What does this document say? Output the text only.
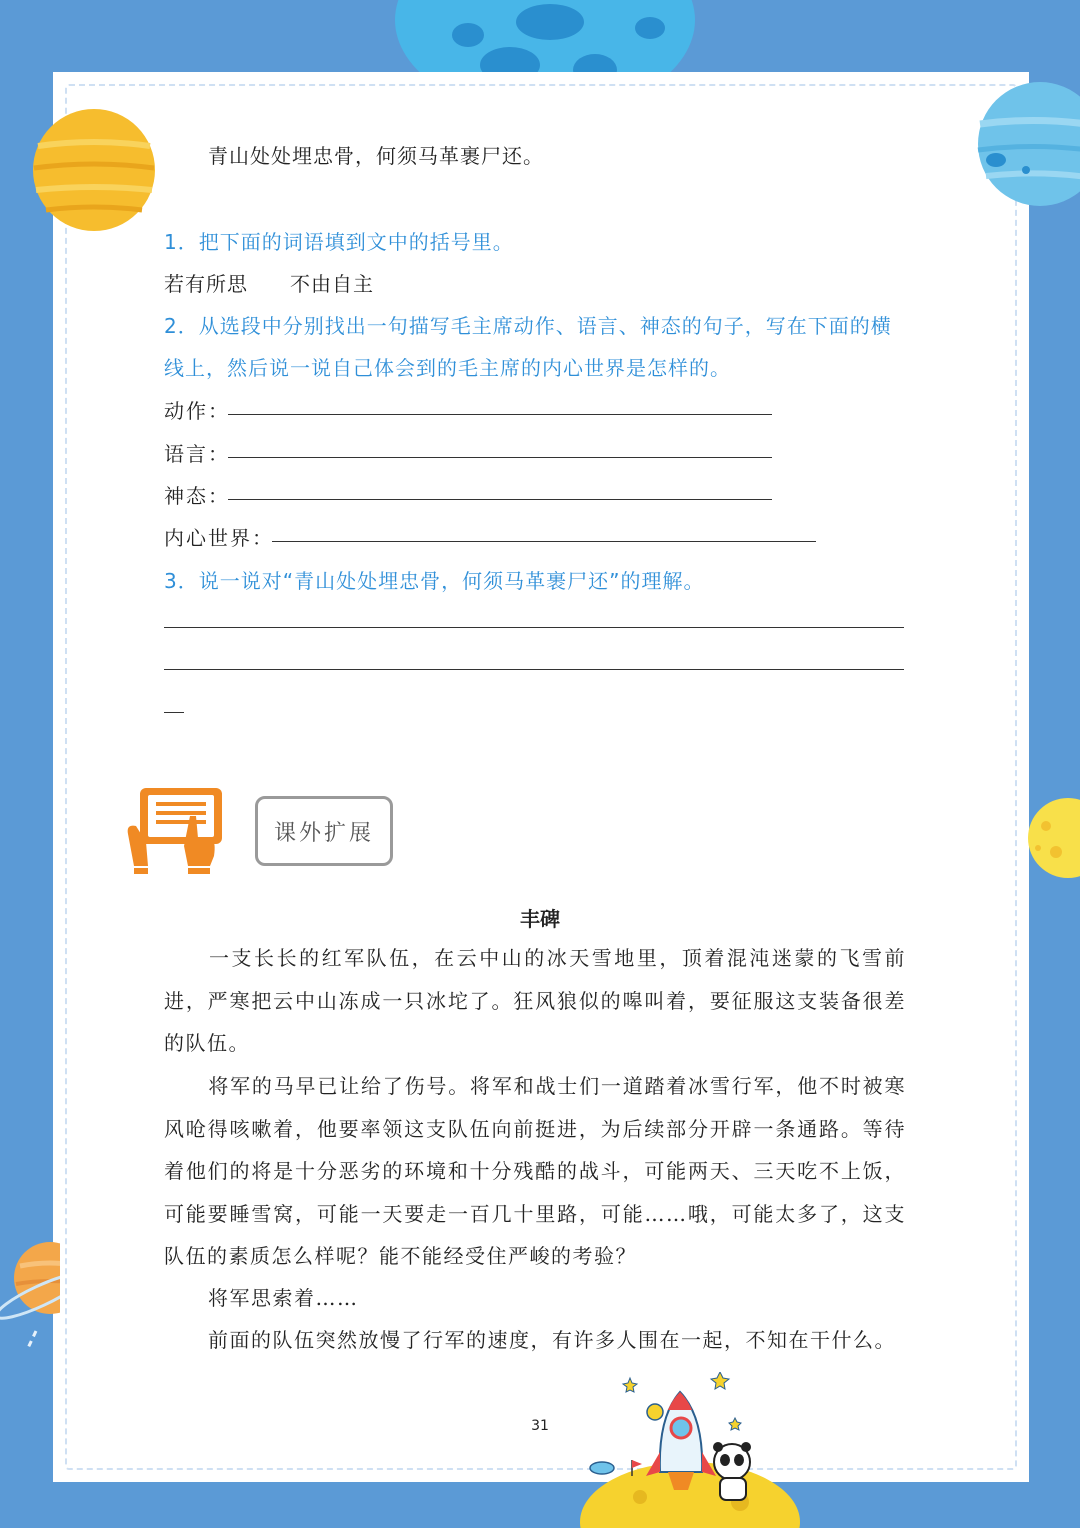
青山处处埋忠骨，何须马革裹尸还。
1．把下面的词语填到文中的括号里。
若有所思　　不由自主
2．从选段中分别找出一句描写毛主席动作、语言、神态的句子，写在下面的横
线上，然后说一说自己体会到的毛主席的内心世界是怎样的。
动作：
语言：
神态：
内心世界：
3．说一说对“青山处处埋忠骨，何须马革裹尸还”的理解。
课外扩展
丰碑
一支长长的红军队伍，在云中山的冰天雪地里，顶着混沌迷蒙的飞雪前进，严寒把云中山冻成一只冰坨了。狂风狼似的嗥叫着，要征服这支装备很差的队伍。
将军的马早已让给了伤号。将军和战士们一道踏着冰雪行军，他不时被寒风呛得咳嗽着，他要率领这支队伍向前挺进，为后续部分开辟一条通路。等待着他们的将是十分恶劣的环境和十分残酷的战斗，可能两天、三天吃不上饭，可能要睡雪窝，可能一天要走一百几十里路，可能……哦，可能太多了，这支队伍的素质怎么样呢？能不能经受住严峻的考验？
将军思索着……
前面的队伍突然放慢了行军的速度，有许多人围在一起，不知在干什么。
31
